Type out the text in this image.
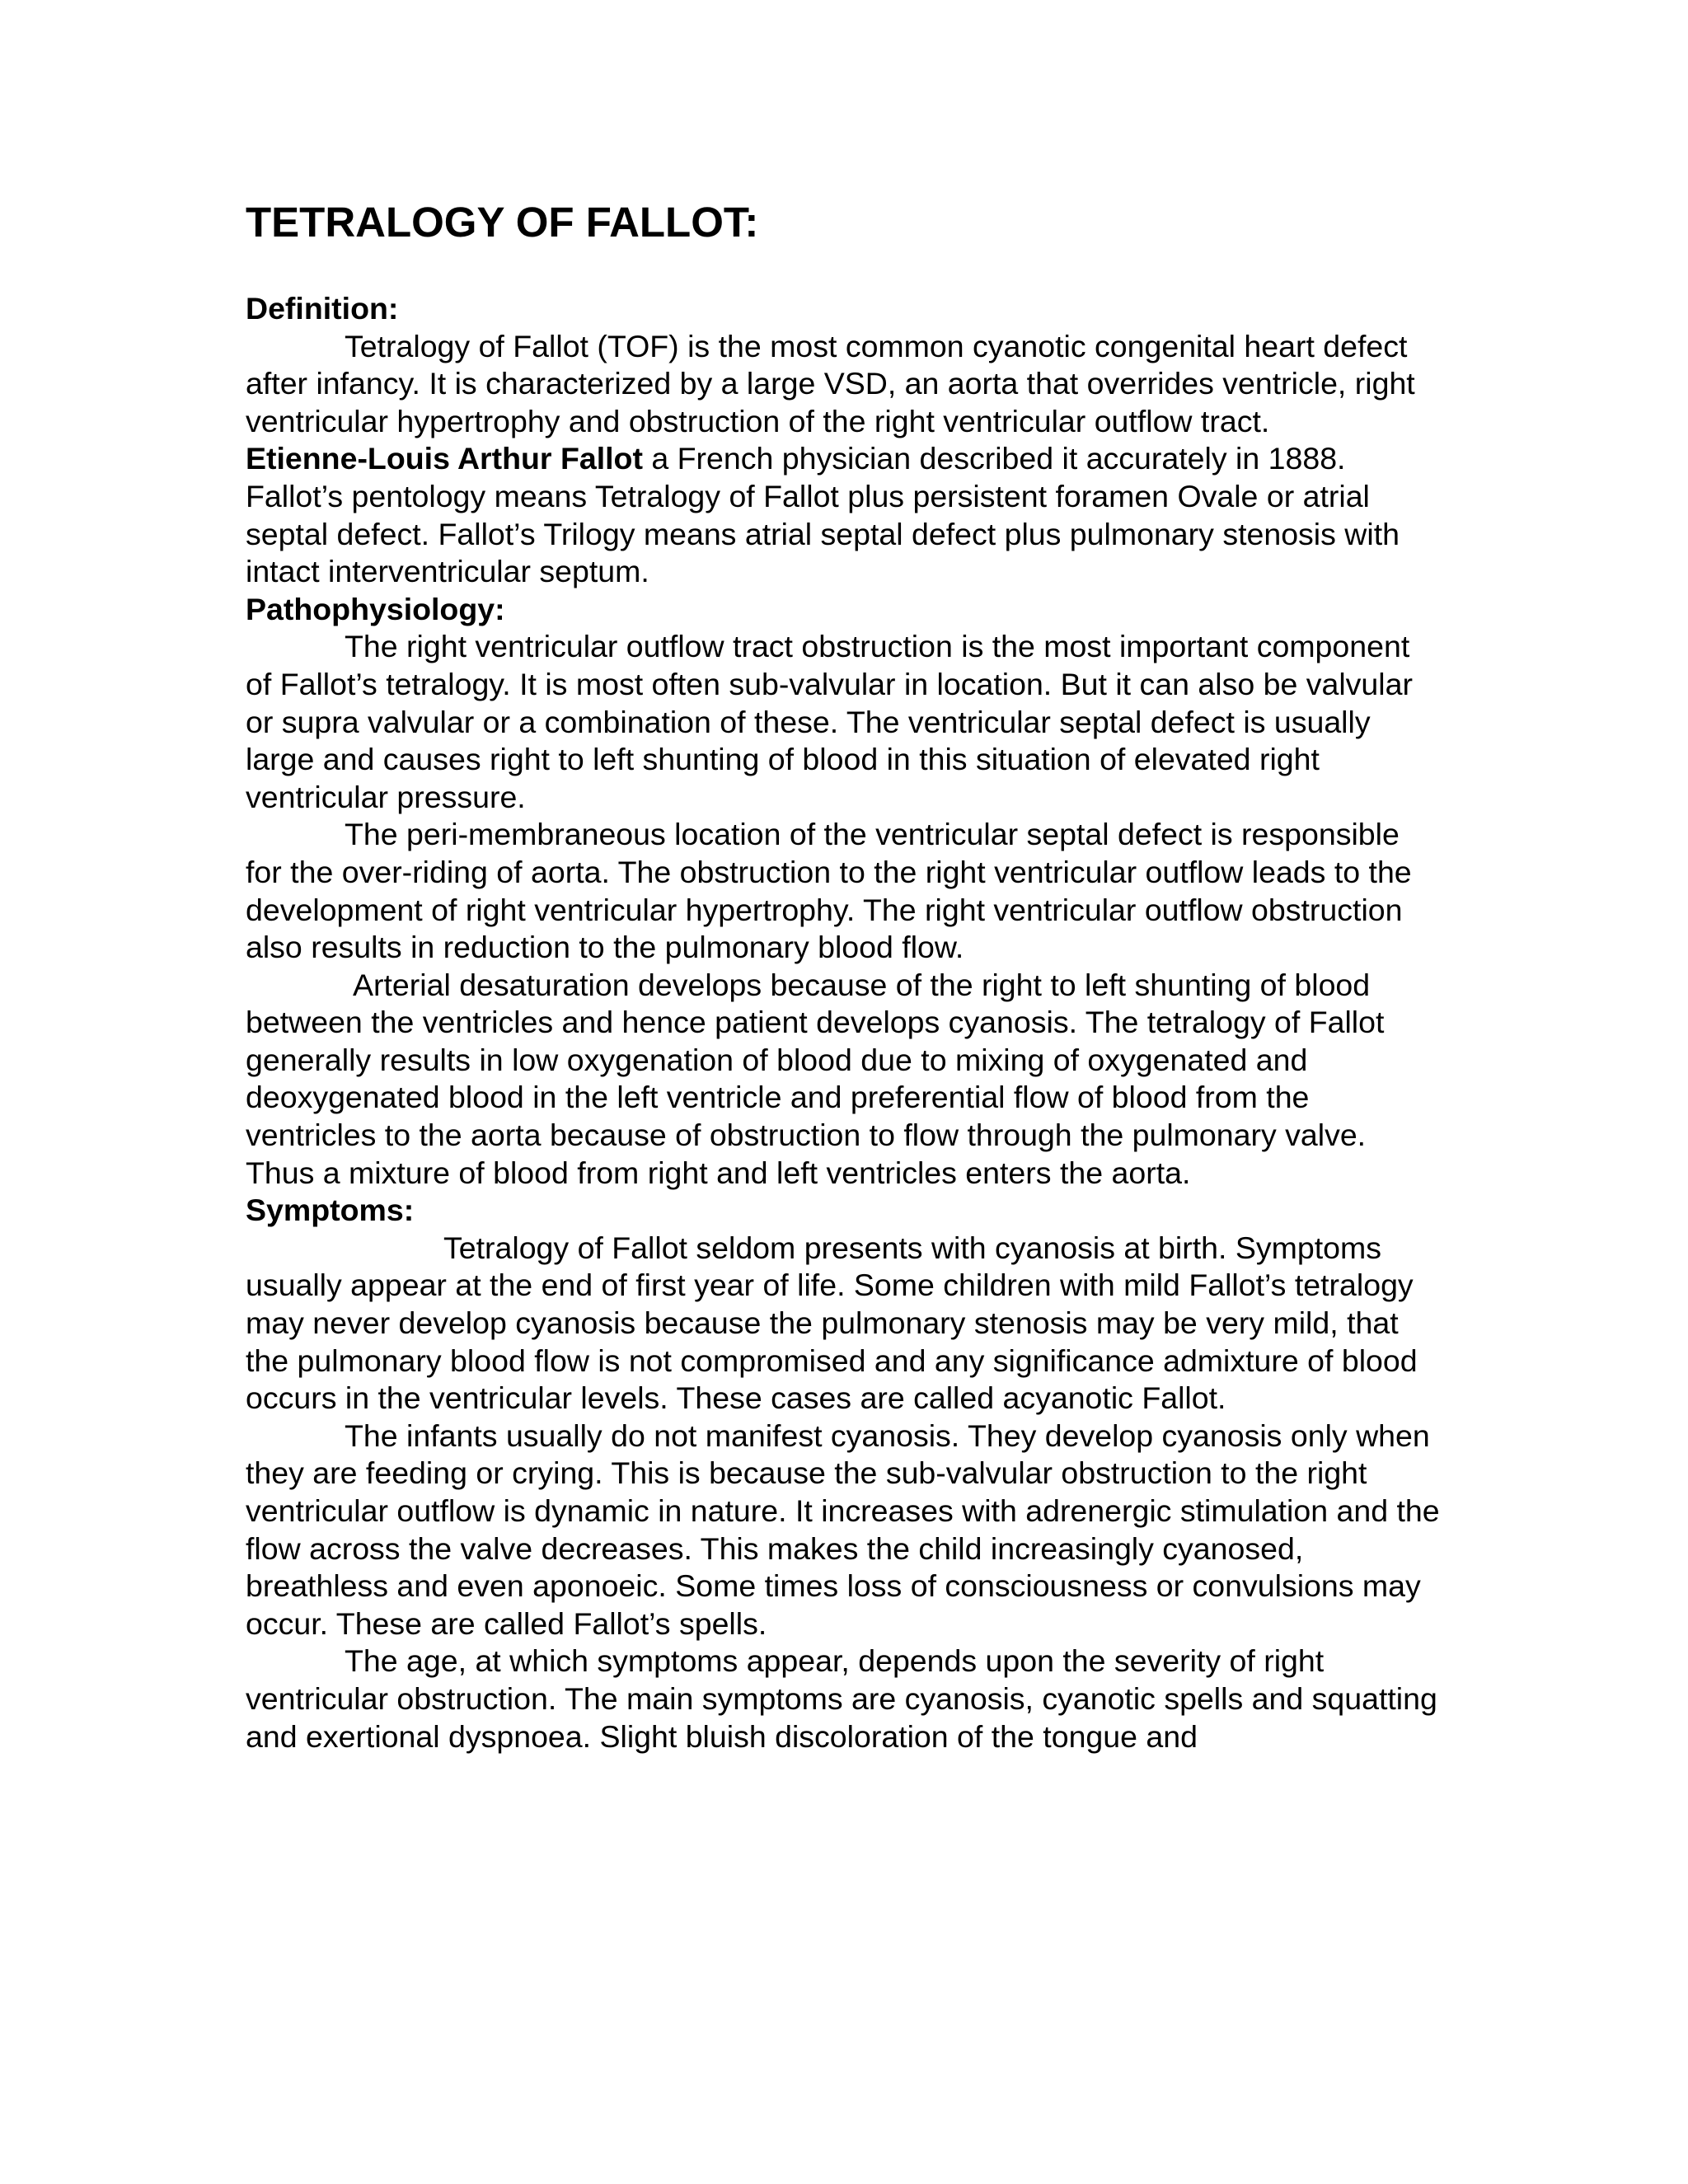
TETRALOGY OF FALLOT:

Definition:

Tetralogy of Fallot (TOF) is the most common cyanotic congenital heart defect after infancy. It is characterized by a large VSD, an aorta that overrides ventricle, right ventricular hypertrophy and obstruction of the right ventricular outflow tract.

Etienne-Louis Arthur Fallot a French physician described it accurately in 1888. Fallot’s pentology means Tetralogy of Fallot plus persistent foramen Ovale or atrial septal defect. Fallot’s Trilogy means atrial septal defect plus pulmonary stenosis with intact interventricular septum.

Pathophysiology:

The right ventricular outflow tract obstruction is the most important component of Fallot’s tetralogy. It is most often sub-valvular in location. But it can also be valvular or supra valvular or a combination of these. The ventricular septal defect is usually large and causes right to left shunting of blood in this situation of elevated right ventricular pressure.

The peri-membraneous location of the ventricular septal defect is responsible for the over-riding of aorta. The obstruction to the right ventricular outflow leads to the development of right ventricular hypertrophy. The right ventricular outflow obstruction also results in reduction to the pulmonary blood flow.

Arterial desaturation develops because of the right to left shunting of blood between the ventricles and hence patient develops cyanosis. The tetralogy of Fallot generally results in low oxygenation of blood due to mixing of oxygenated and deoxygenated blood in the left ventricle and preferential flow of blood from the ventricles to the aorta because of obstruction to flow through the pulmonary valve. Thus a mixture of blood from right and left ventricles enters the aorta.

Symptoms:

Tetralogy of Fallot seldom presents with cyanosis at birth. Symptoms usually appear at the end of first year of life. Some children with mild Fallot’s tetralogy may never develop cyanosis because the pulmonary stenosis may be very mild, that the pulmonary blood flow is not compromised and any significance admixture of blood occurs in the ventricular levels. These cases are called acyanotic Fallot.

The infants usually do not manifest cyanosis. They develop cyanosis only when they are feeding or crying. This is because the sub-valvular obstruction to the right ventricular outflow is dynamic in nature. It increases with adrenergic stimulation and the flow across the valve decreases. This makes the child increasingly cyanosed, breathless and even aponoeic. Some times loss of consciousness or convulsions may occur. These are called Fallot’s spells.

The age, at which symptoms appear, depends upon the severity of right ventricular obstruction. The main symptoms are cyanosis, cyanotic spells and squatting and exertional dyspnoea. Slight bluish discoloration of the tongue and
